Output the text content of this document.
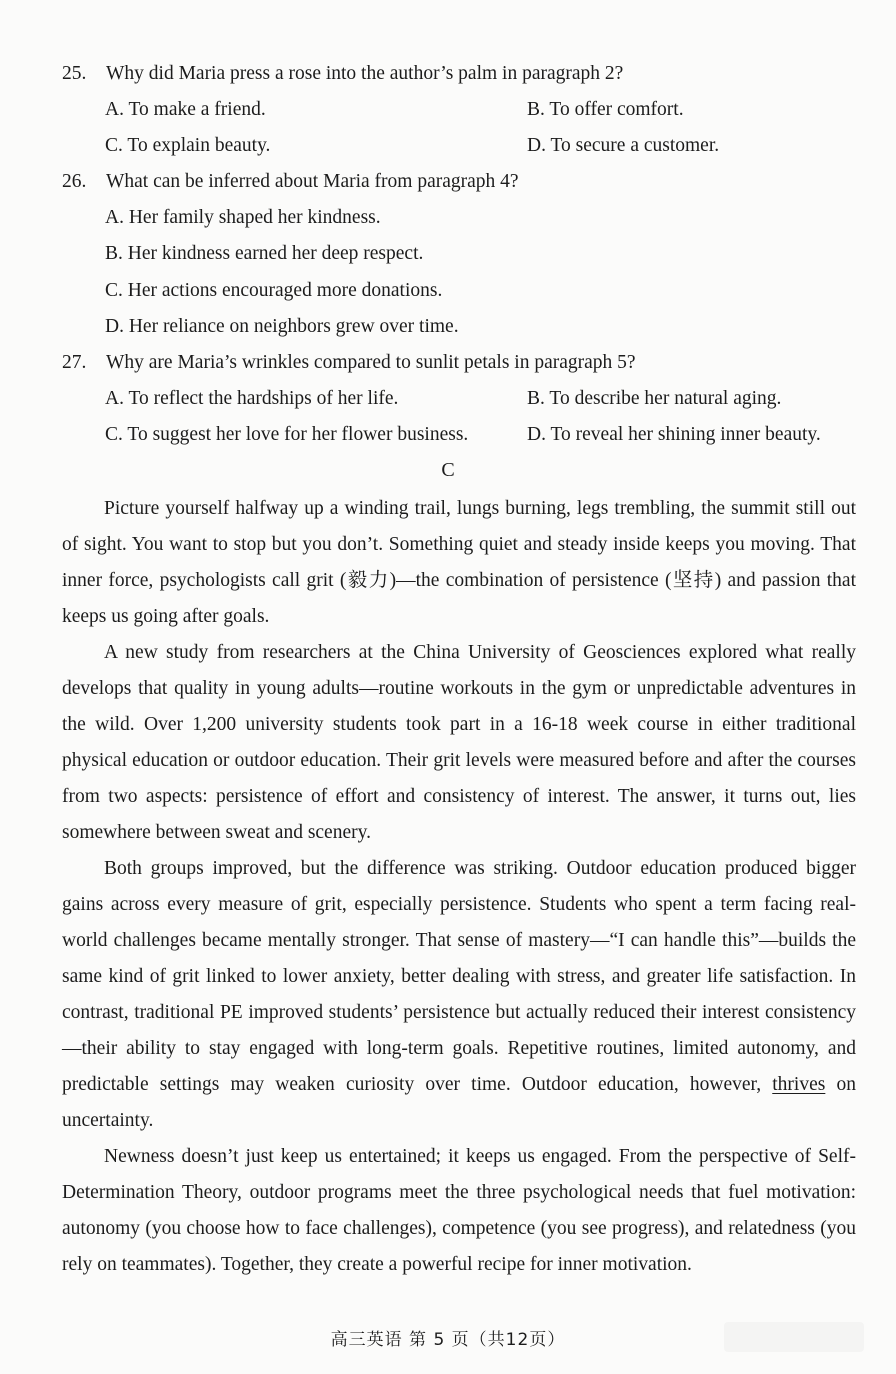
25. Why did Maria press a rose into the author’s palm in paragraph 2?
A. To make a friend.	B. To offer comfort.
C. To explain beauty.	D. To secure a customer.
26. What can be inferred about Maria from paragraph 4?
A. Her family shaped her kindness.
B. Her kindness earned her deep respect.
C. Her actions encouraged more donations.
D. Her reliance on neighbors grew over time.
27. Why are Maria’s wrinkles compared to sunlit petals in paragraph 5?
A. To reflect the hardships of her life.	B. To describe her natural aging.
C. To suggest her love for her flower business.	D. To reveal her shining inner beauty.
C

Picture yourself halfway up a winding trail, lungs burning, legs trembling, the summit still out of sight. You want to stop but you don’t. Something quiet and steady inside keeps you moving. That inner force, psychologists call grit (毅力)—the combination of persistence (坚持) and passion that keeps us going after goals.

A new study from researchers at the China University of Geosciences explored what really develops that quality in young adults—routine workouts in the gym or unpredictable adventures in the wild. Over 1,200 university students took part in a 16-18 week course in either traditional physical education or outdoor education. Their grit levels were measured before and after the courses from two aspects: persistence of effort and consistency of interest. The answer, it turns out, lies somewhere between sweat and scenery.

Both groups improved, but the difference was striking. Outdoor education produced bigger gains across every measure of grit, especially persistence. Students who spent a term facing real-world challenges became mentally stronger. That sense of mastery—“I can handle this”—builds the same kind of grit linked to lower anxiety, better dealing with stress, and greater life satisfaction. In contrast, traditional PE improved students’ persistence but actually reduced their interest consistency—their ability to stay engaged with long-term goals. Repetitive routines, limited autonomy, and predictable settings may weaken curiosity over time. Outdoor education, however, thrives on uncertainty.

Newness doesn’t just keep us entertained; it keeps us engaged. From the perspective of Self-Determination Theory, outdoor programs meet the three psychological needs that fuel motivation: autonomy (you choose how to face challenges), competence (you see progress), and relatedness (you rely on teammates). Together, they create a powerful recipe for inner motivation.

高三英语 第 5 页（共12页）
